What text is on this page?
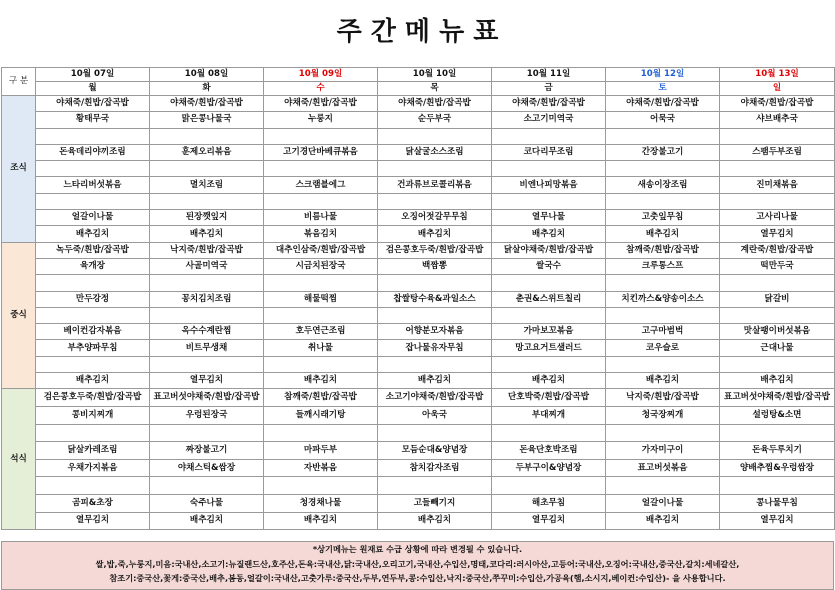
주 간 메 뉴 표
구 분	10월 07일	10월 08일	10월 09일	10월 10일	10월 11일	10월 12일	10월 13일
	월	화	수	목	금	토	일
조식	야채죽/흰밥/잡곡밥	야채죽/흰밥/잡곡밥	야채죽/흰밥/잡곡밥	야채죽/흰밥/잡곡밥	야채죽/흰밥/잡곡밥	야채죽/흰밥/잡곡밥	야채죽/흰밥/잡곡밥
	황태무국	맑은콩나물국	누룽지	순두부국	소고기미역국	어묵국	샤브배추국

	돈육데리야끼조림	훈제오리볶음	고기경단바베큐볶음	닭살굴소스조림	코다리무조림	간장불고기	스팸두부조림

	느타리버섯볶음	멸치조림	스크램블에그	건과류브로콜리볶음	비엔나피망볶음	새송이장조림	진미채볶음

	얼갈이나물	된장깻잎지	비름나물	오징어젓갈무무침	열무나물	고춧잎무침	고사리나물
	배추김치	배추김치	볶음김치	배추김치	배추김치	배추김치	열무김치
중식	녹두죽/흰밥/잡곡밥	낙지죽/흰밥/잡곡밥	대추인삼죽/흰밥/잡곡밥	검은콩호두죽/흰밥/잡곡밥	닭살야채죽/흰밥/잡곡밥	참깨죽/흰밥/잡곡밥	계란죽/흰밥/잡곡밥
	육개장	사골미역국	시금치된장국	백짬뽕	쌀국수	크루통스프	떡만두국

	만두강정	꽁치김치조림	해물떡찜	찹쌀탕수육&과일소스	춘권&스위트칠리	치킨까스&양송이소스	닭갈비

	베이컨감자볶음	옥수수계란찜	호두연근조림	어향분모자볶음	가마보꼬볶음	고구마범벅	맛살팽이버섯볶음
	부추양파무침	비트무생채	취나물	잡나물유자무침	망고요거트샐러드	코우슬로	근대나물

	배추김치	열무김치	배추김치	배추김치	배추김치	배추김치	배추김치
석식	검은콩호두죽/흰밥/잡곡밥	표고버섯야채죽/흰밥/잡곡밥	참깨죽/흰밥/잡곡밥	소고기야채죽/흰밥/잡곡밥	단호박죽/흰밥/잡곡밥	낙지죽/흰밥/잡곡밥	표고버섯야채죽/흰밥/잡곡밥
	콩비지찌개	우렁된장국	들깨시래기탕	아욱국	부대찌개	청국장찌개	설렁탕&소면

	닭살카레조림	짜장불고기	마파두부	모듬순대&양념장	돈육단호박조림	가자미구이	돈육두루치기
	우채가지볶음	야채스틱&쌈장	자반볶음	참치감자조림	두부구이&양념장	표고버섯볶음	양배추찜&우렁쌈장

	곰피&초장	숙주나물	청경채나물	고들빼기지	해초무침	얼갈이나물	콩나물무침
	열무김치	배추김치	배추김치	배추김치	열무김치	배추김치	열무김치
*상기메뉴는 원재료 수급 상황에 따라 변경될 수 있습니다.
쌀,밥,죽,누룽지,미음:국내산,소고기:뉴질랜드산,호주산,돈육:국내산,닭:국내산,오리고기,국내산,수입산,명태,코다리:러시아산,고등어:국내산,오징어:국내산,중국산,갈치:세네갈산,
참조기:중국산,꽃게:중국산,배추,봄동,얼갈이:국내산,고춧가루:중국산,두부,연두부,콩:수입산,낙지:중국산,쭈꾸미:수입산,가공육(햄,소시지,베이컨:수입산)- 을 사용합니다.
